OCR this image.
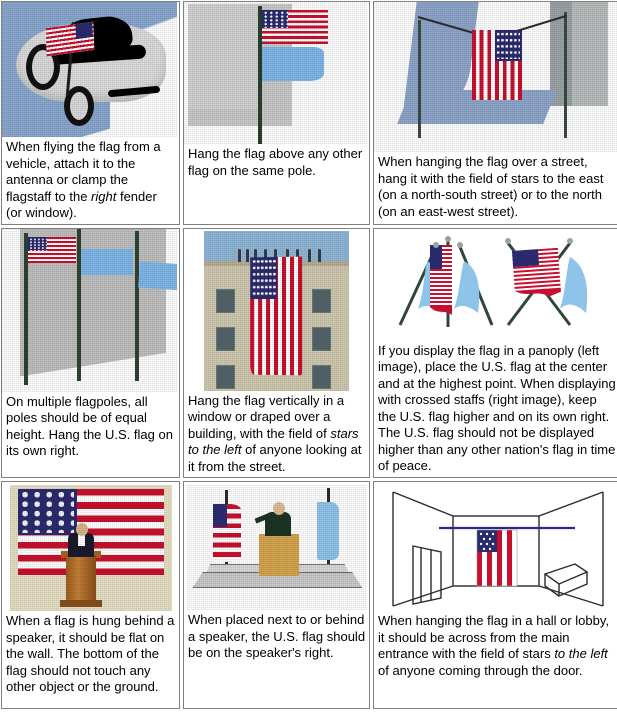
When flying the flag from a vehicle, attach it to the antenna or clamp the flagstaff to the right fender (or window).	Hang the flag above any other flag on the same pole.	When hanging the flag over a street, hang it with the field of stars to the east (on a north-south street) or to the north (on an east-west street).

On multiple flagpoles, all poles should be of equal height. Hang the U.S. flag on its own right.	Hang the flag vertically in a window or draped over a building, with the field of stars to the left of anyone looking at it from the street.	If you display the flag in a panoply (left image), place the U.S. flag at the center and at the highest point. When displaying with crossed staffs (right image), keep the U.S. flag higher and on its own right. The U.S. flag should not be displayed higher than any other nation's flag in time of peace.

When a flag is hung behind a speaker, it should be flat on the wall. The bottom of the flag should not touch any other object or the ground.	When placed next to or behind a speaker, the U.S. flag should be on the speaker's right.	When hanging the flag in a hall or lobby, it should be across from the main entrance with the field of stars to the left of anyone coming through the door.
